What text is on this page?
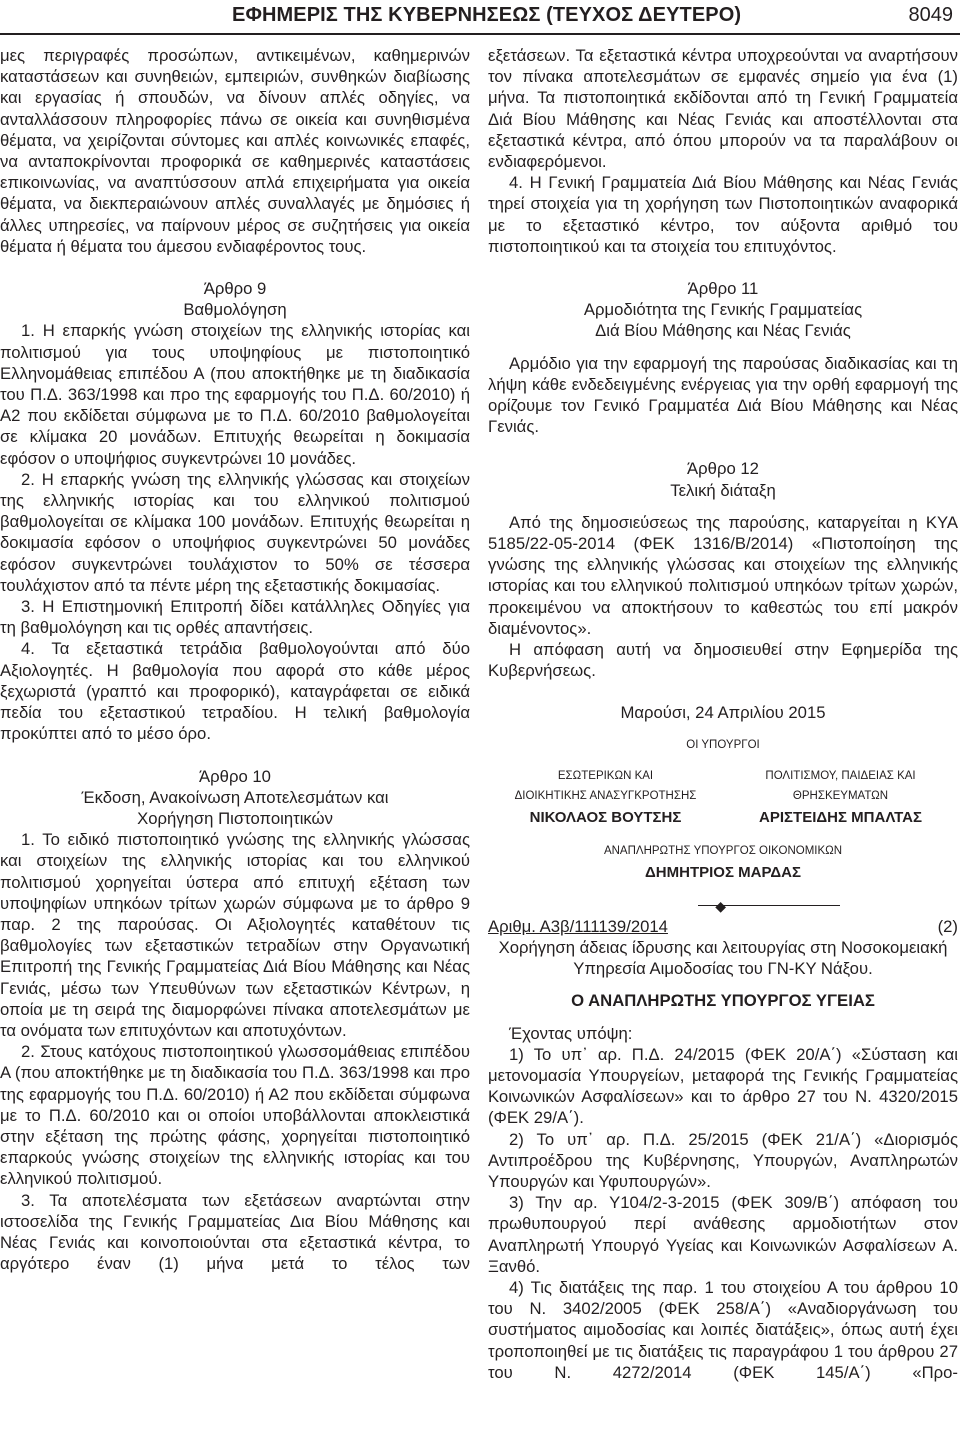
ΕΦΗΜΕΡΙΣ ΤΗΣ ΚΥΒΕΡΝΗΣΕΩΣ (ΤΕΥΧΟΣ ΔΕΥΤΕΡΟ)	8049

μες περιγραφές προσώπων, αντικειμένων, καθημερινών καταστάσεων και συνηθειών, εμπειριών, συνθηκών διαβίωσης και εργασίας ή σπουδών, να δίνουν απλές οδηγίες, να ανταλλάσσουν πληροφορίες πάνω σε οικεία και συνηθισμένα θέματα, να χειρίζονται σύντομες και απλές κοινωνικές επαφές, να ανταποκρίνονται προφορικά σε καθημερινές καταστάσεις επικοινωνίας, να αναπτύσσουν απλά επιχειρήματα για οικεία θέματα, να διεκπεραιώνουν απλές συναλλαγές με δημόσιες ή άλλες υπηρεσίες, να παίρνουν μέρος σε συζητήσεις για οικεία θέματα ή θέματα του άμεσου ενδιαφέροντος τους.

Άρθρο 9
Βαθμολόγηση

1. Η επαρκής γνώση στοιχείων της ελληνικής ιστορίας και πολιτισμού για τους υποψηφίους με πιστοποιητικό Ελληνομάθειας επιπέδου Α (που αποκτήθηκε με τη διαδικασία του Π.Δ. 363/1998 και προ της εφαρμογής του Π.Δ. 60/2010) ή Α2 που εκδίδεται σύμφωνα με το Π.Δ. 60/2010 βαθμολογείται σε κλίμακα 20 μονάδων. Επιτυχής θεωρείται η δοκιμασία εφόσον ο υποψήφιος συγκεντρώνει 10 μονάδες.

2. Η επαρκής γνώση της ελληνικής γλώσσας και στοιχείων της ελληνικής ιστορίας και του ελληνικού πολιτισμού βαθμολογείται σε κλίμακα 100 μονάδων. Επιτυχής θεωρείται η δοκιμασία εφόσον ο υποψήφιος συγκεντρώνει 50 μονάδες εφόσον συγκεντρώνει τουλάχιστον το 50% σε τέσσερα τουλάχιστον από τα πέντε μέρη της εξεταστικής δοκιμασίας.

3. Η Επιστημονική Επιτροπή δίδει κατάλληλες Οδηγίες για τη βαθμολόγηση και τις ορθές απαντήσεις.

4. Τα εξεταστικά τετράδια βαθμολογούνται από δύο Αξιολογητές. Η βαθμολογία που αφορά στο κάθε μέρος ξεχωριστά (γραπτό και προφορικό), καταγράφεται σε ειδικά πεδία του εξεταστικού τετραδίου. Η τελική βαθμολογία προκύπτει από το μέσο όρο.

Άρθρο 10
Έκδοση, Ανακοίνωση Αποτελεσμάτων και
Χορήγηση Πιστοποιητικών

1. Το ειδικό πιστοποιητικό γνώσης της ελληνικής γλώσσας και στοιχείων της ελληνικής ιστορίας και του ελληνικού πολιτισμού χορηγείται ύστερα από επιτυχή εξέταση των υποψηφίων υπηκόων τρίτων χωρών σύμφωνα με το άρθρο 9 παρ. 2 της παρούσας. Οι Αξιολογητές καταθέτουν τις βαθμολογίες των εξεταστικών τετραδίων στην Οργανωτική Επιτροπή της Γενικής Γραμματείας Διά Βίου Μάθησης και Νέας Γενιάς, μέσω των Υπευθύνων των εξεταστικών Κέντρων, η οποία με τη σειρά της διαμορφώνει πίνακα αποτελεσμάτων με τα ονόματα των επιτυχόντων και αποτυχόντων.

2. Στους κατόχους πιστοποιητικού γλωσσομάθειας επιπέδου Α (που αποκτήθηκε με τη διαδικασία του Π.Δ. 363/1998 και προ της εφαρμογής του Π.Δ. 60/2010) ή Α2 που εκδίδεται σύμφωνα με το Π.Δ. 60/2010 και οι οποίοι υποβάλλονται αποκλειστικά στην εξέταση της πρώτης φάσης, χορηγείται πιστοποιητικό επαρκούς γνώσης στοιχείων της ελληνικής ιστορίας και του ελληνικού πολιτισμού.

3. Τα αποτελέσματα των εξετάσεων αναρτώνται στην ιστοσελίδα της Γενικής Γραμματείας Δια Βίου Μάθησης και Νέας Γενιάς και κοινοποιούνται στα εξεταστικά κέντρα, το αργότερο έναν (1) μήνα μετά το τέλος των

εξετάσεων. Τα εξεταστικά κέντρα υποχρεούνται να αναρτήσουν τον πίνακα αποτελεσμάτων σε εμφανές σημείο για ένα (1) μήνα. Τα πιστοποιητικά εκδίδονται από τη Γενική Γραμματεία Διά Βίου Μάθησης και Νέας Γενιάς και αποστέλλονται στα εξεταστικά κέντρα, από όπου μπορούν να τα παραλάβουν οι ενδιαφερόμενοι.

4. Η Γενική Γραμματεία Διά Βίου Μάθησης και Νέας Γενιάς τηρεί στοιχεία για τη χορήγηση των Πιστοποιητικών αναφορικά με το εξεταστικό κέντρο, τον αύξοντα αριθμό του πιστοποιητικού και τα στοιχεία του επιτυχόντος.

Άρθρο 11
Αρμοδιότητα της Γενικής Γραμματείας
Διά Βίου Μάθησης και Νέας Γενιάς

Αρμόδιο για την εφαρμογή της παρούσας διαδικασίας και τη λήψη κάθε ενδεδειγμένης ενέργειας για την ορθή εφαρμογή της ορίζουμε τον Γενικό Γραμματέα Διά Βίου Μάθησης και Νέας Γενιάς.

Άρθρο 12
Τελική διάταξη

Από της δημοσιεύσεως της παρούσης, καταργείται η ΚΥΑ 5185/22-05-2014 (ΦΕΚ 1316/Β/2014) «Πιστοποίηση της γνώσης της ελληνικής γλώσσας και στοιχείων της ελληνικής ιστορίας και του ελληνικού πολιτισμού υπηκόων τρίτων χωρών, προκειμένου να αποκτήσουν το καθεστώς του επί μακρόν διαμένοντος».

Η απόφαση αυτή να δημοσιευθεί στην Εφημερίδα της Κυβερνήσεως.

Μαρούσι, 24 Απριλίου 2015
ΟΙ ΥΠΟΥΡΓΟΙ
ΕΣΩΤΕΡΙΚΩΝ ΚΑΙ
ΔΙΟΙΚΗΤΙΚΗΣ ΑΝΑΣΥΓΚΡΟΤΗΣΗΣ
ΝΙΚΟΛΑΟΣ ΒΟΥΤΣΗΣ
ΠΟΛΙΤΙΣΜΟΥ, ΠΑΙΔΕΙΑΣ ΚΑΙ
ΘΡΗΣΚΕΥΜΑΤΩΝ
ΑΡΙΣΤΕΙΔΗΣ ΜΠΑΛΤΑΣ
ΑΝΑΠΛΗΡΩΤΗΣ ΥΠΟΥΡΓΟΣ ΟΙΚΟΝΟΜΙΚΩΝ
ΔΗΜΗΤΡΙΟΣ ΜΑΡΔΑΣ
◆
Αριθμ. Α3β/111139/2014	(2)
Χορήγηση άδειας ίδρυσης και λειτουργίας στη Νοσοκομειακή Υπηρεσία Αιμοδοσίας του ΓΝ-ΚΥ Νάξου.
Ο ΑΝΑΠΛΗΡΩΤΗΣ ΥΠΟΥΡΓΟΣ ΥΓΕΙΑΣ

Έχοντας υπόψη:

1) Το υπ᾽ αρ. Π.Δ. 24/2015 (ΦΕΚ 20/Α΄) «Σύσταση και μετονομασία Υπουργείων, μεταφορά της Γενικής Γραμματείας Κοινωνικών Ασφαλίσεων» και το άρθρο 27 του Ν. 4320/2015 (ΦΕΚ 29/Α΄).

2) Το υπ᾽ αρ. Π.Δ. 25/2015 (ΦΕΚ 21/Α΄) «Διορισμός Αντιπροέδρου της Κυβέρνησης, Υπουργών, Αναπληρωτών Υπουργών και Υφυπουργών».

3) Την αρ. Υ104/2-3-2015 (ΦΕΚ 309/Β΄) απόφαση του πρωθυπουργού περί ανάθεσης αρμοδιοτήτων στον Αναπληρωτή Υπουργό Υγείας και Κοινωνικών Ασφαλίσεων Α. Ξανθό.

4) Τις διατάξεις της παρ. 1 του στοιχείου Α του άρθρου 10 του Ν. 3402/2005 (ΦΕΚ 258/Α΄) «Αναδιοργάνωση του συστήματος αιμοδοσίας και λοιπές διατάξεις», όπως αυτή έχει τροποποιηθεί με τις διατάξεις τις παραγράφου 1 του άρθρου 27 του Ν. 4272/2014 (ΦΕΚ 145/Α΄) «Προ-
